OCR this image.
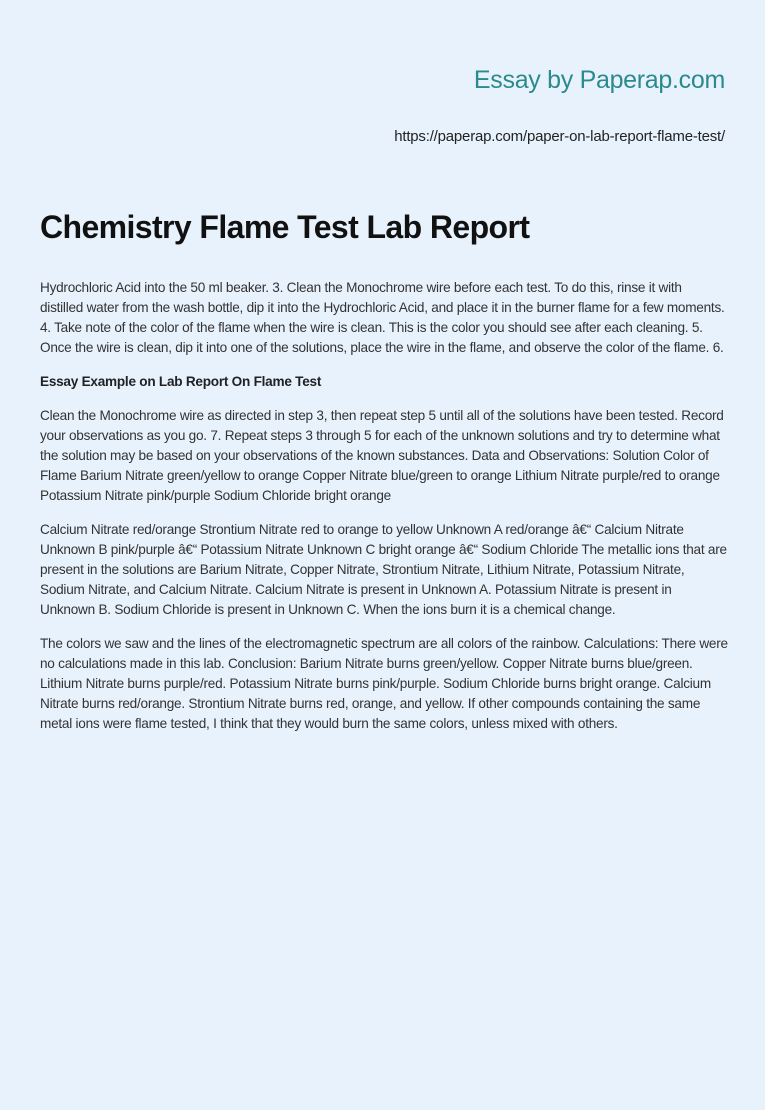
Essay by Paperap.com
https://paperap.com/paper-on-lab-report-flame-test/
Chemistry Flame Test Lab Report

Hydrochloric Acid into the 50 ml beaker. 3. Clean the Monochrome wire before each test. To do this, rinse it with distilled water from the wash bottle, dip it into the Hydrochloric Acid, and place it in the burner flame for a few moments. 4. Take note of the color of the flame when the wire is clean. This is the color you should see after each cleaning. 5. Once the wire is clean, dip it into one of the solutions, place the wire in the flame, and observe the color of the flame. 6.

Essay Example on Lab Report On Flame Test

Clean the Monochrome wire as directed in step 3, then repeat step 5 until all of the solutions have been tested. Record your observations as you go. 7. Repeat steps 3 through 5 for each of the unknown solutions and try to determine what the solution may be based on your observations of the known substances. Data and Observations: Solution Color of Flame Barium Nitrate green/yellow to orange Copper Nitrate blue/green to orange Lithium Nitrate purple/red to orange Potassium Nitrate pink/purple Sodium Chloride bright orange

Calcium Nitrate red/orange Strontium Nitrate red to orange to yellow Unknown A red/orange â€“ Calcium Nitrate Unknown B pink/purple â€“ Potassium Nitrate Unknown C bright orange â€“ Sodium Chloride The metallic ions that are present in the solutions are Barium Nitrate, Copper Nitrate, Strontium Nitrate, Lithium Nitrate, Potassium Nitrate, Sodium Nitrate, and Calcium Nitrate. Calcium Nitrate is present in Unknown A. Potassium Nitrate is present in Unknown B. Sodium Chloride is present in Unknown C. When the ions burn it is a chemical change.

The colors we saw and the lines of the electromagnetic spectrum are all colors of the rainbow. Calculations: There were no calculations made in this lab. Conclusion: Barium Nitrate burns green/yellow. Copper Nitrate burns blue/green. Lithium Nitrate burns purple/red. Potassium Nitrate burns pink/purple. Sodium Chloride burns bright orange. Calcium Nitrate burns red/orange. Strontium Nitrate burns red, orange, and yellow. If other compounds containing the same metal ions were flame tested, I think that they would burn the same colors, unless mixed with others.
